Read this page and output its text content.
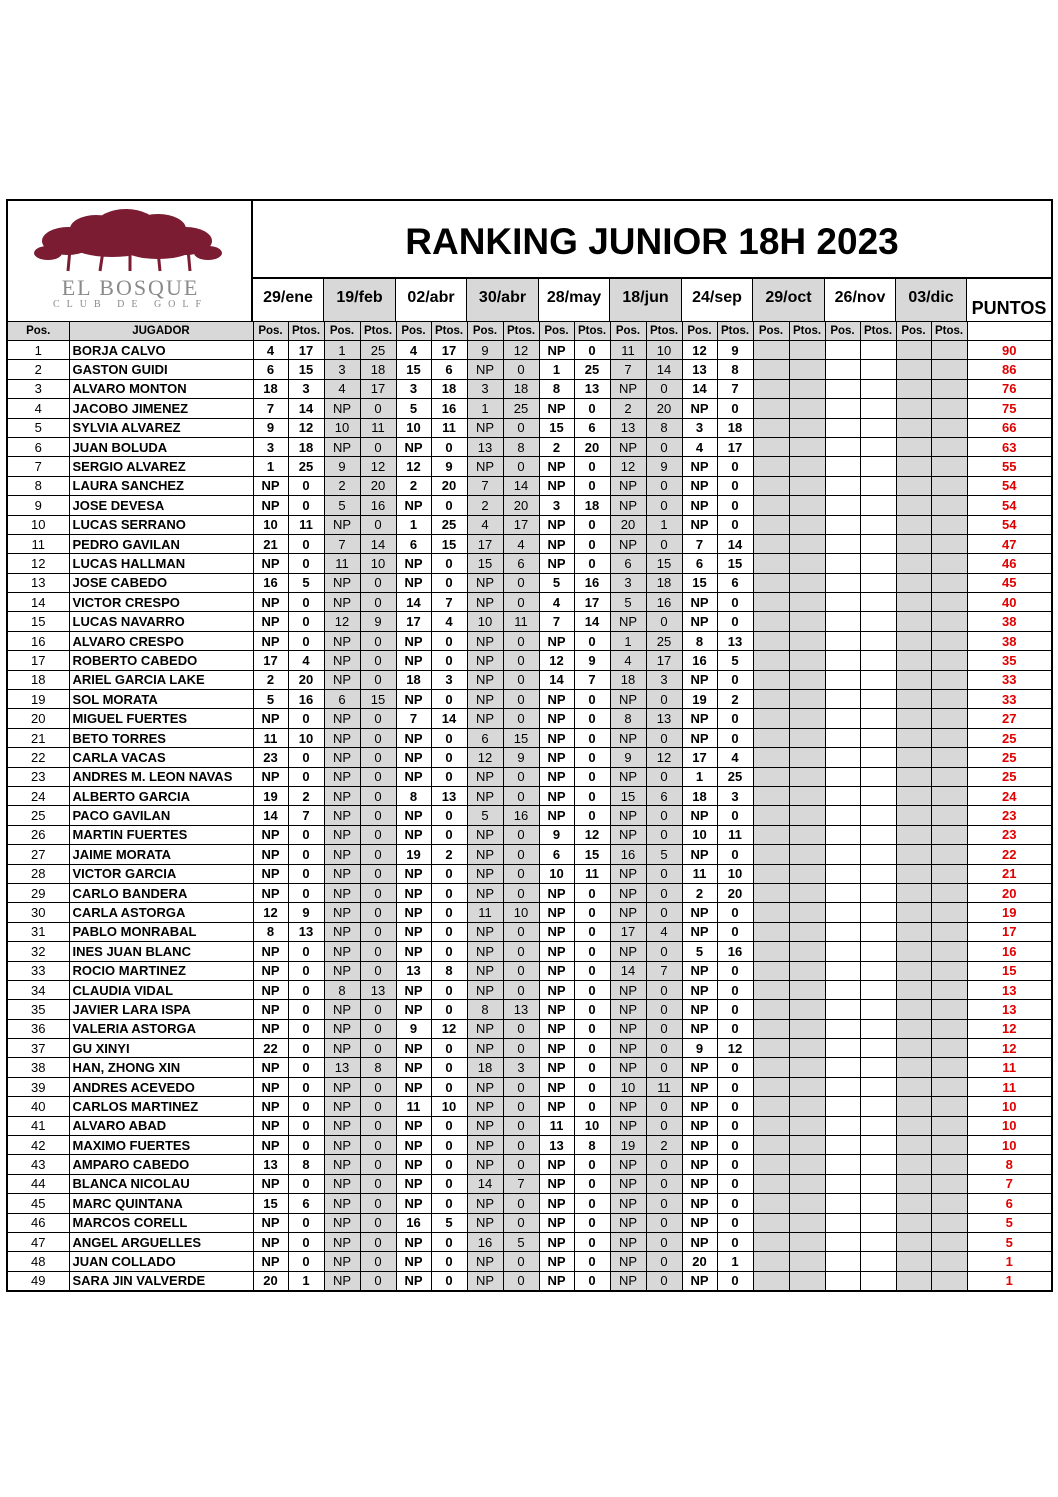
EL BOSQUE
CLUB DE GOLF
RANKING JUNIOR 18H 2023
29/ene	19/feb	02/abr	30/abr	28/may	18/jun	24/sep	29/oct	26/nov	03/dic
PUNTOS
Pos.	JUGADOR	Pos.	Ptos.	Pos.	Ptos.	Pos.	Ptos.	Pos.	Ptos.	Pos.	Ptos.	Pos.	Ptos.	Pos.	Ptos.	Pos.	Ptos.	Pos.	Ptos.	Pos.	Ptos.	
1	BORJA CALVO	4	17	1	25	4	17	9	12	NP	0	11	10	12	9							90
2	GASTON GUIDI	6	15	3	18	15	6	NP	0	1	25	7	14	13	8							86
3	ALVARO MONTON	18	3	4	17	3	18	3	18	8	13	NP	0	14	7							76
4	JACOBO JIMENEZ	7	14	NP	0	5	16	1	25	NP	0	2	20	NP	0							75
5	SYLVIA ALVAREZ	9	12	10	11	10	11	NP	0	15	6	13	8	3	18							66
6	JUAN BOLUDA	3	18	NP	0	NP	0	13	8	2	20	NP	0	4	17							63
7	SERGIO ALVAREZ	1	25	9	12	12	9	NP	0	NP	0	12	9	NP	0							55
8	LAURA SANCHEZ	NP	0	2	20	2	20	7	14	NP	0	NP	0	NP	0							54
9	JOSE DEVESA	NP	0	5	16	NP	0	2	20	3	18	NP	0	NP	0							54
10	LUCAS SERRANO	10	11	NP	0	1	25	4	17	NP	0	20	1	NP	0							54
11	PEDRO GAVILAN	21	0	7	14	6	15	17	4	NP	0	NP	0	7	14							47
12	LUCAS HALLMAN	NP	0	11	10	NP	0	15	6	NP	0	6	15	6	15							46
13	JOSE CABEDO	16	5	NP	0	NP	0	NP	0	5	16	3	18	15	6							45
14	VICTOR CRESPO	NP	0	NP	0	14	7	NP	0	4	17	5	16	NP	0							40
15	LUCAS NAVARRO	NP	0	12	9	17	4	10	11	7	14	NP	0	NP	0							38
16	ALVARO CRESPO	NP	0	NP	0	NP	0	NP	0	NP	0	1	25	8	13							38
17	ROBERTO CABEDO	17	4	NP	0	NP	0	NP	0	12	9	4	17	16	5							35
18	ARIEL GARCIA LAKE	2	20	NP	0	18	3	NP	0	14	7	18	3	NP	0							33
19	SOL MORATA	5	16	6	15	NP	0	NP	0	NP	0	NP	0	19	2							33
20	MIGUEL FUERTES	NP	0	NP	0	7	14	NP	0	NP	0	8	13	NP	0							27
21	BETO TORRES	11	10	NP	0	NP	0	6	15	NP	0	NP	0	NP	0							25
22	CARLA VACAS	23	0	NP	0	NP	0	12	9	NP	0	9	12	17	4							25
23	ANDRES M. LEON NAVAS	NP	0	NP	0	NP	0	NP	0	NP	0	NP	0	1	25							25
24	ALBERTO GARCIA	19	2	NP	0	8	13	NP	0	NP	0	15	6	18	3							24
25	PACO GAVILAN	14	7	NP	0	NP	0	5	16	NP	0	NP	0	NP	0							23
26	MARTIN FUERTES	NP	0	NP	0	NP	0	NP	0	9	12	NP	0	10	11							23
27	JAIME MORATA	NP	0	NP	0	19	2	NP	0	6	15	16	5	NP	0							22
28	VICTOR GARCIA	NP	0	NP	0	NP	0	NP	0	10	11	NP	0	11	10							21
29	CARLO BANDERA	NP	0	NP	0	NP	0	NP	0	NP	0	NP	0	2	20							20
30	CARLA ASTORGA	12	9	NP	0	NP	0	11	10	NP	0	NP	0	NP	0							19
31	PABLO MONRABAL	8	13	NP	0	NP	0	NP	0	NP	0	17	4	NP	0							17
32	INES JUAN BLANC	NP	0	NP	0	NP	0	NP	0	NP	0	NP	0	5	16							16
33	ROCIO MARTINEZ	NP	0	NP	0	13	8	NP	0	NP	0	14	7	NP	0							15
34	CLAUDIA VIDAL	NP	0	8	13	NP	0	NP	0	NP	0	NP	0	NP	0							13
35	JAVIER LARA ISPA	NP	0	NP	0	NP	0	8	13	NP	0	NP	0	NP	0							13
36	VALERIA ASTORGA	NP	0	NP	0	9	12	NP	0	NP	0	NP	0	NP	0							12
37	GU XINYI	22	0	NP	0	NP	0	NP	0	NP	0	NP	0	9	12							12
38	HAN, ZHONG XIN	NP	0	13	8	NP	0	18	3	NP	0	NP	0	NP	0							11
39	ANDRES ACEVEDO	NP	0	NP	0	NP	0	NP	0	NP	0	10	11	NP	0							11
40	CARLOS MARTINEZ	NP	0	NP	0	11	10	NP	0	NP	0	NP	0	NP	0							10
41	ALVARO ABAD	NP	0	NP	0	NP	0	NP	0	11	10	NP	0	NP	0							10
42	MAXIMO FUERTES	NP	0	NP	0	NP	0	NP	0	13	8	19	2	NP	0							10
43	AMPARO CABEDO	13	8	NP	0	NP	0	NP	0	NP	0	NP	0	NP	0							8
44	BLANCA NICOLAU	NP	0	NP	0	NP	0	14	7	NP	0	NP	0	NP	0							7
45	MARC QUINTANA	15	6	NP	0	NP	0	NP	0	NP	0	NP	0	NP	0							6
46	MARCOS CORELL	NP	0	NP	0	16	5	NP	0	NP	0	NP	0	NP	0							5
47	ANGEL ARGUELLES	NP	0	NP	0	NP	0	16	5	NP	0	NP	0	NP	0							5
48	JUAN COLLADO	NP	0	NP	0	NP	0	NP	0	NP	0	NP	0	20	1							1
49	SARA JIN VALVERDE	20	1	NP	0	NP	0	NP	0	NP	0	NP	0	NP	0							1
